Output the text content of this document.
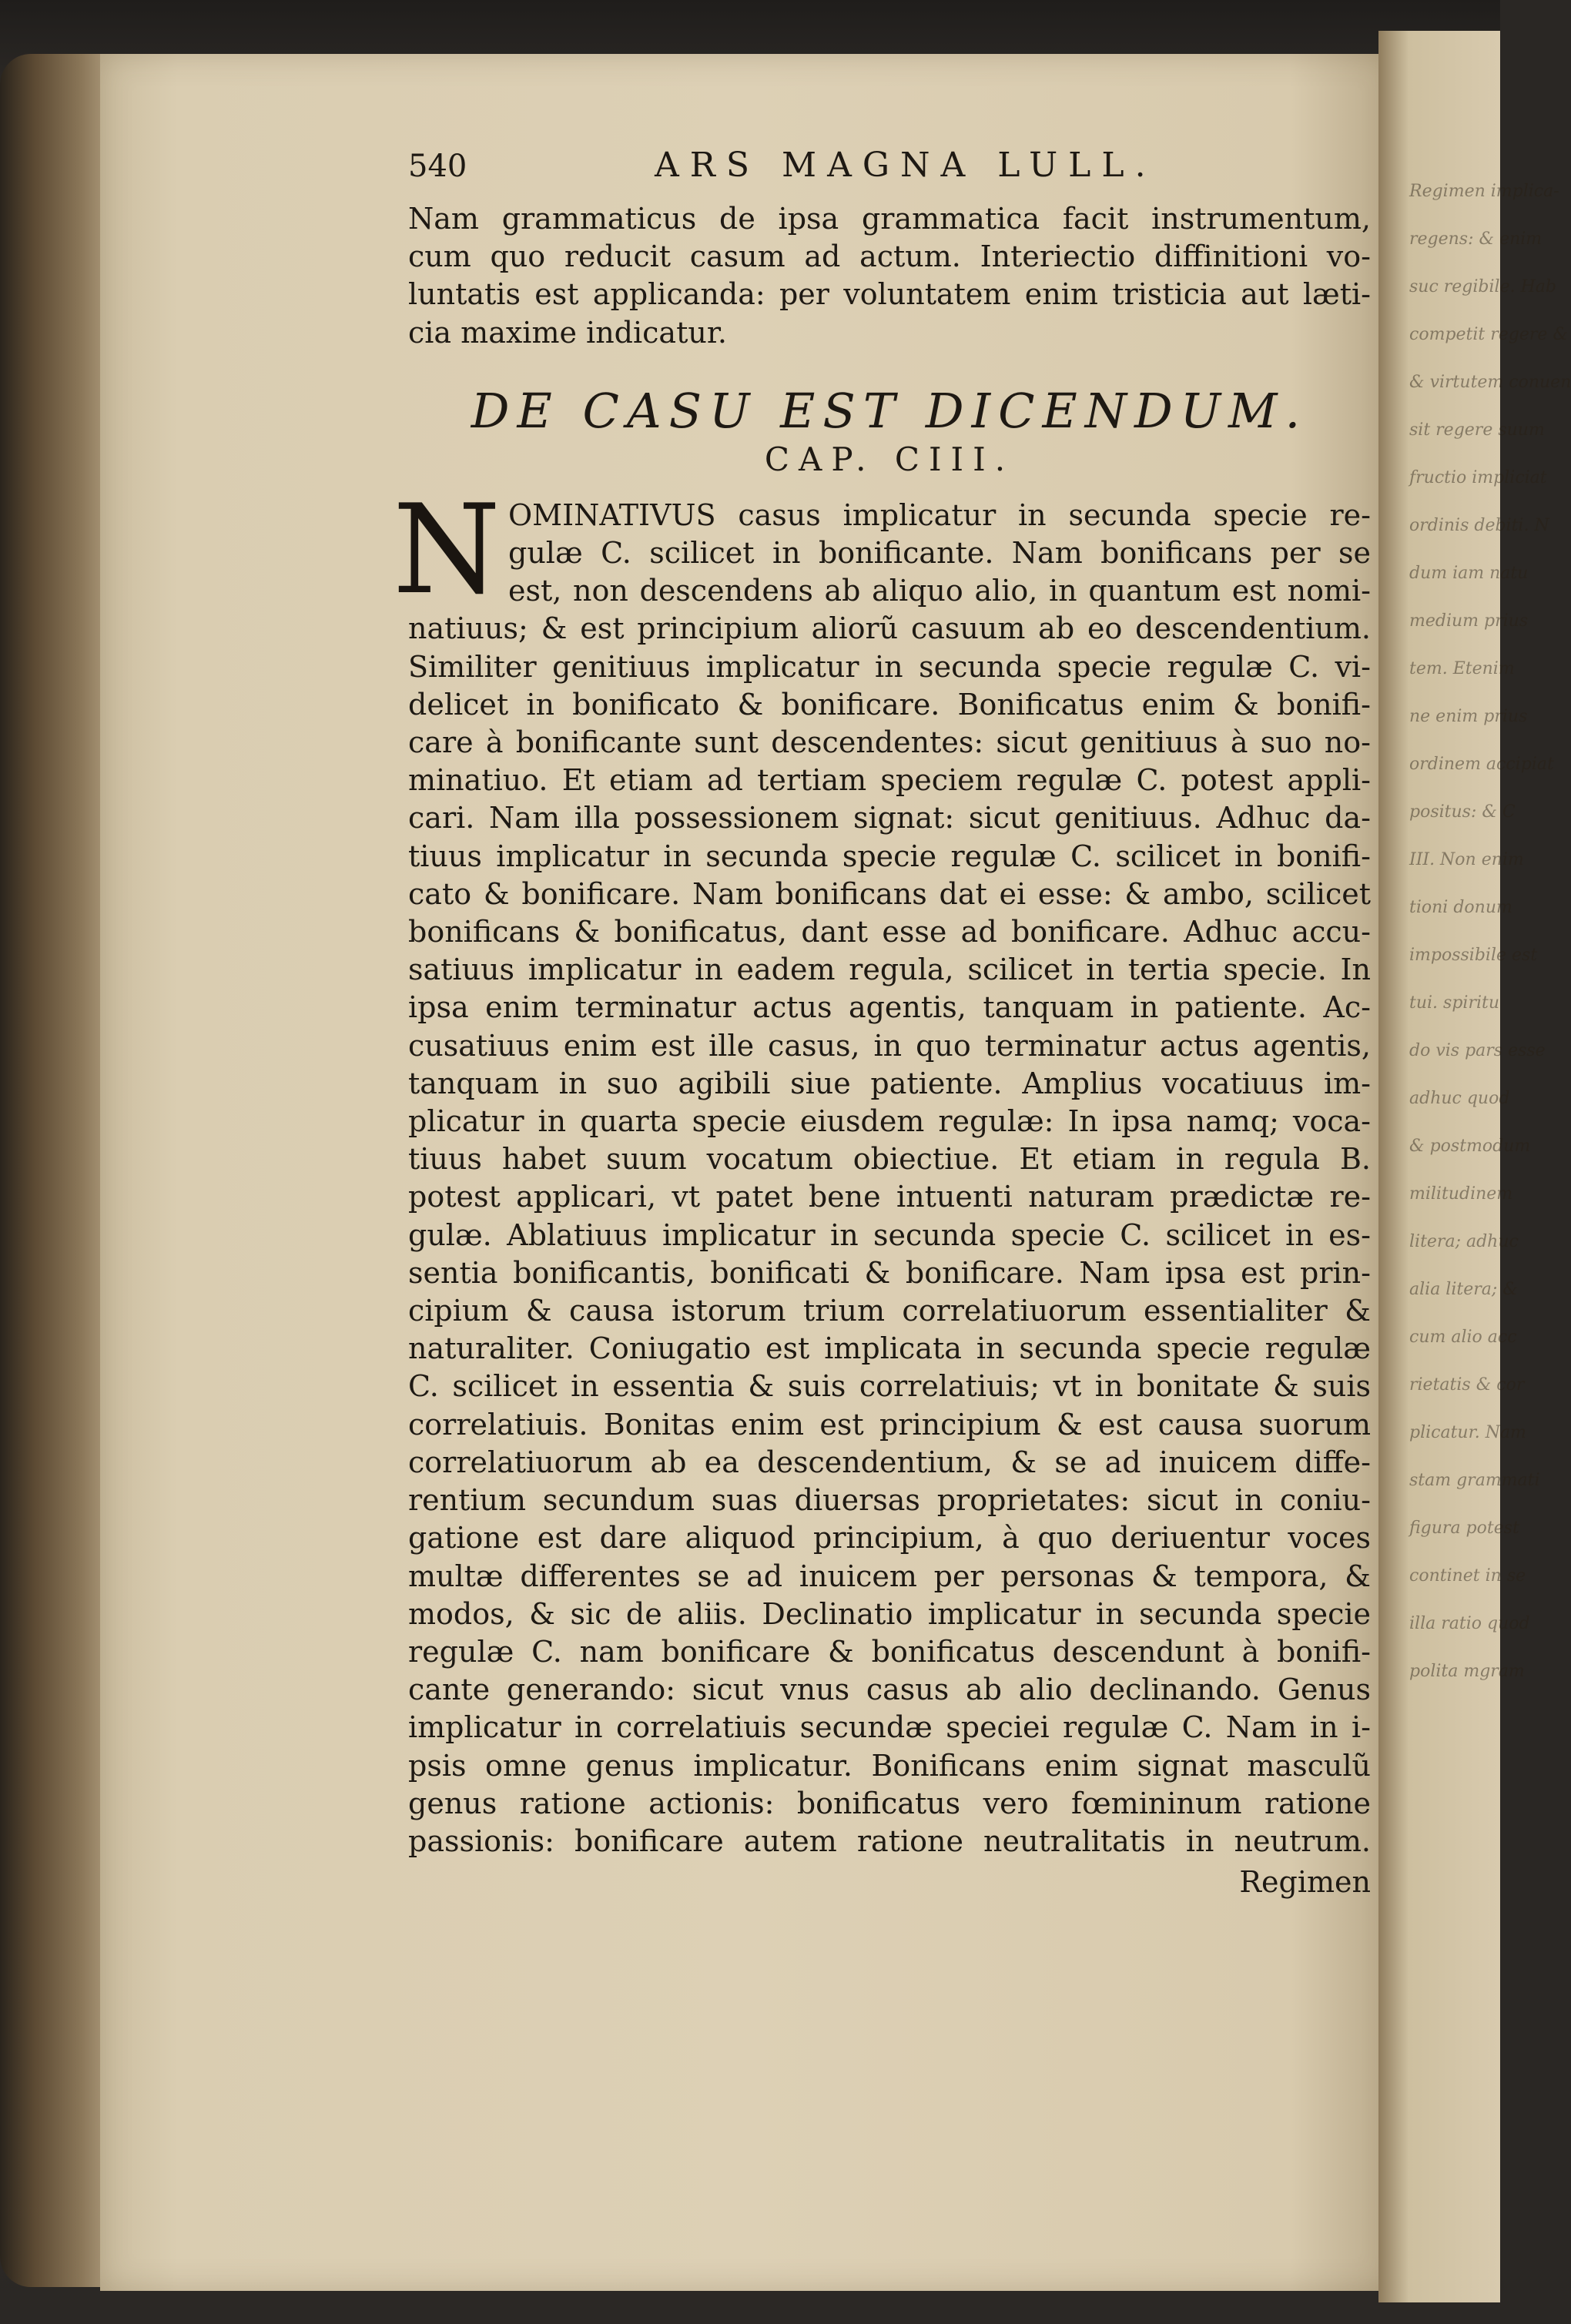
Regimen implica-
regens: & enim
suc regibile. Hab
competit regere &
& virtutem conuen
sit regere suum
fructio impliciat
ordinis debiti. N
dum iam natu
medium prius
tem. Etenim
ne enim prius
ordinem accipiat
positus: & C
III. Non enim
tioni donum
impossibile est
tui. spiritu
do vis pars esse
adhuc quod
& postmodum
militudinem
litera; adhuc
alia litera; &
cum alio acc
rietatis & cor
plicatur. Nam
stam grammati
figura potest
continet in se
illa ratio quod
polita mgram
540	ARS MAGNA LULL.
Nam grammaticus de ipsa grammatica facit instrumentum,
cum quo reducit casum ad actum. Interiectio diffinitioni vo-
luntatis est applicanda: per voluntatem enim tristicia aut læti-
cia maxime indicatur.
DE CASU EST DICENDUM.
CAP. CIII.
N OMINATIVUS casus implicatur in secunda specie re-
gulæ C. scilicet in bonificante. Nam bonificans per se
est, non descendens ab aliquo alio, in quantum est nomi-
natiuus; & est principium aliorũ casuum ab eo descendentium.
Similiter genitiuus implicatur in secunda specie regulæ C. vi-
delicet in bonificato & bonificare. Bonificatus enim & bonifi-
care à bonificante sunt descendentes: sicut genitiuus à suo no-
minatiuo. Et etiam ad tertiam speciem regulæ C. potest appli-
cari. Nam illa possessionem signat: sicut genitiuus. Adhuc da-
tiuus implicatur in secunda specie regulæ C. scilicet in bonifi-
cato & bonificare. Nam bonificans dat ei esse: & ambo, scilicet
bonificans & bonificatus, dant esse ad bonificare. Adhuc accu-
satiuus implicatur in eadem regula, scilicet in tertia specie. In
ipsa enim terminatur actus agentis, tanquam in patiente. Ac-
cusatiuus enim est ille casus, in quo terminatur actus agentis,
tanquam in suo agibili siue patiente. Amplius vocatiuus im-
plicatur in quarta specie eiusdem regulæ: In ipsa namq; voca-
tiuus habet suum vocatum obiectiue. Et etiam in regula B.
potest applicari, vt patet bene intuenti naturam prædictæ re-
gulæ. Ablatiuus implicatur in secunda specie C. scilicet in es-
sentia bonificantis, bonificati & bonificare. Nam ipsa est prin-
cipium & causa istorum trium correlatiuorum essentialiter &
naturaliter. Coniugatio est implicata in secunda specie regulæ
C. scilicet in essentia & suis correlatiuis; vt in bonitate & suis
correlatiuis. Bonitas enim est principium & est causa suorum
correlatiuorum ab ea descendentium, & se ad inuicem diffe-
rentium secundum suas diuersas proprietates: sicut in coniu-
gatione est dare aliquod principium, à quo deriuentur voces
multæ differentes se ad inuicem per personas & tempora, &
modos, & sic de aliis. Declinatio implicatur in secunda specie
regulæ C. nam bonificare & bonificatus descendunt à bonifi-
cante generando: sicut vnus casus ab alio declinando. Genus
implicatur in correlatiuis secundæ speciei regulæ C. Nam in i-
psis omne genus implicatur. Bonificans enim signat masculũ
genus ratione actionis: bonificatus vero fœmininum ratione
passionis: bonificare autem ratione neutralitatis in neutrum.
Regimen
